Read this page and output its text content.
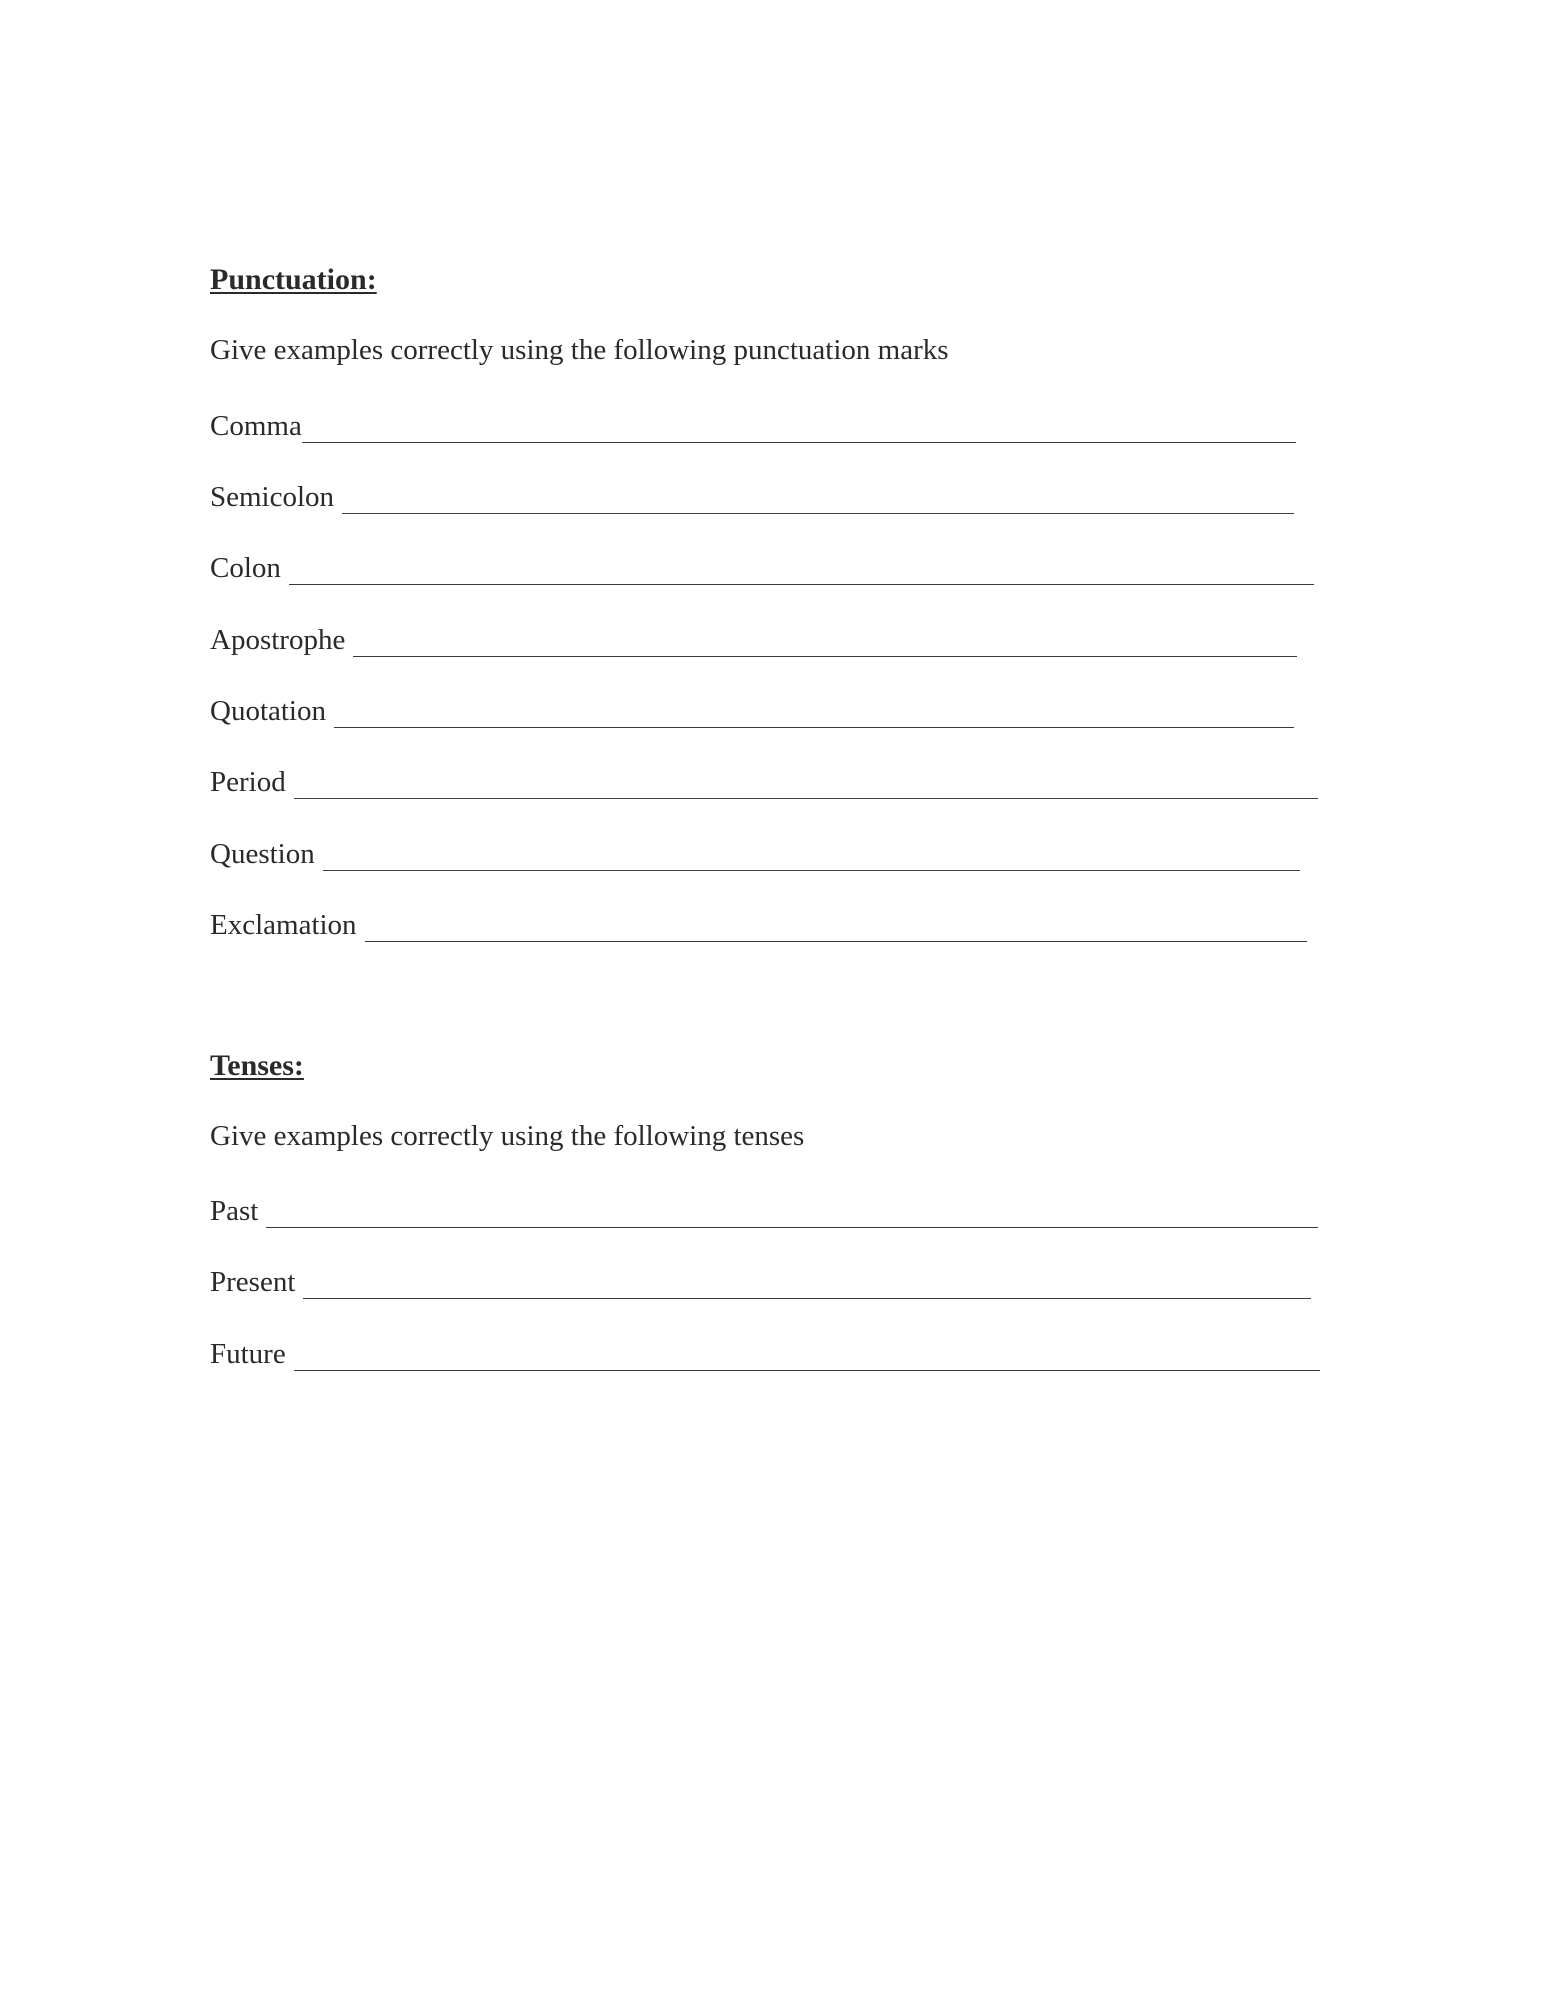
Punctuation:
Give examples correctly using the following punctuation marks
Comma
Semicolon
Colon
Apostrophe
Quotation
Period
Question
Exclamation
Tenses:
Give examples correctly using the following tenses
Past
Present
Future
